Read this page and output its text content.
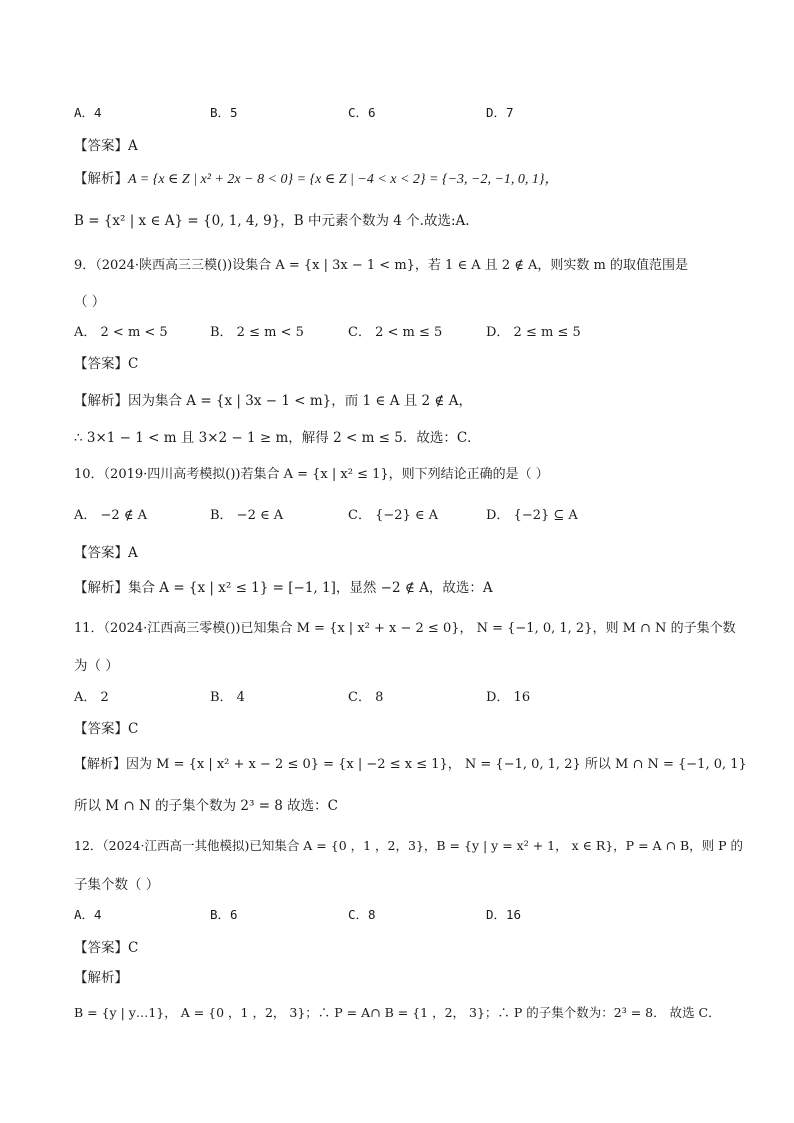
A．4	B．5	C．6	D．7
【答案】A
【解析】A = {x ∈ Z | x² + 2x − 8 < 0} = {x ∈ Z | −4 < x < 2} = {−3, −2, −1, 0, 1}，
B = {x² | x ∈ A} = {0, 1, 4, 9}，B 中元素个数为 4 个.故选:A.
9．（2024·陕西高三三模())设集合 A = {x | 3x − 1 < m}，若 1 ∈ A 且 2 ∉ A，则实数 m 的取值范围是
（ ）
A． 2 < m < 5	B． 2 ≤ m < 5	C． 2 < m ≤ 5	D． 2 ≤ m ≤ 5
【答案】C
【解析】因为集合 A = {x | 3x − 1 < m}，而 1 ∈ A 且 2 ∉ A，
∴ 3×1 − 1 < m 且 3×2 − 1 ≥ m，解得 2 < m ≤ 5．故选：C．
10．（2019·四川高考模拟())若集合 A = {x | x² ≤ 1}，则下列结论正确的是（ ）
A． −2 ∉ A	B． −2 ∈ A	C． {−2} ∈ A	D． {−2} ⊆ A
【答案】A
【解析】集合 A = {x | x² ≤ 1} = [−1, 1]，显然 −2 ∉ A，故选：A
11．（2024·江西高三零模())已知集合 M = {x | x² + x − 2 ≤ 0}， N = {−1, 0, 1, 2}，则 M ∩ N 的子集个数
为（ ）
A． 2	B． 4	C． 8	D． 16
【答案】C
【解析】因为 M = {x | x² + x − 2 ≤ 0} = {x | −2 ≤ x ≤ 1}， N = {−1, 0, 1, 2} 所以 M ∩ N = {−1, 0, 1}
所以 M ∩ N 的子集个数为 2³ = 8 故选：C
12．（2024·江西高一其他模拟)已知集合 A = {0 ，1 ，2，3}，B = {y | y = x² + 1， x ∈ R}，P = A ∩ B，则 P 的
子集个数（ ）
A．4	B．6	C．8	D．16
【答案】C
【解析】
B = {y | y…1}， A = {0 ，1 ，2， 3}；∴ P = A∩ B = {1 ，2， 3}；∴ P 的子集个数为：2³ = 8． 故选 C．
